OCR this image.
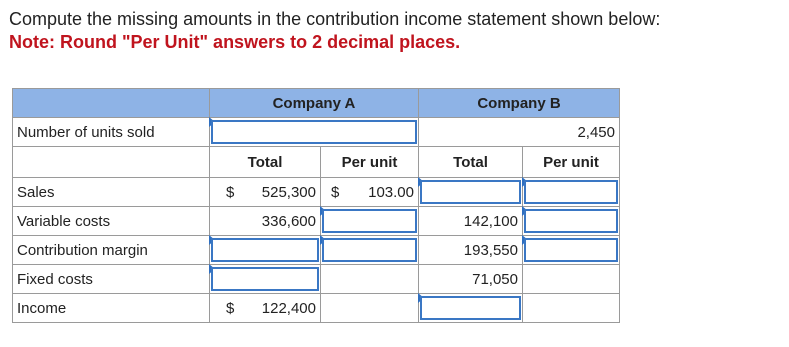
Compute the missing amounts in the contribution income statement shown below:
Note: Round "Per Unit" answers to 2 decimal places.
	Company A		Company B	
Number of units sold			2,450	
	Total	Per unit	Total	Per unit
Sales	$ 525,300	$ 103.00		

Variable costs	336,600		142,100	

Contribution margin			193,550	

Fixed costs			71,050	
Income	$ 122,400			
